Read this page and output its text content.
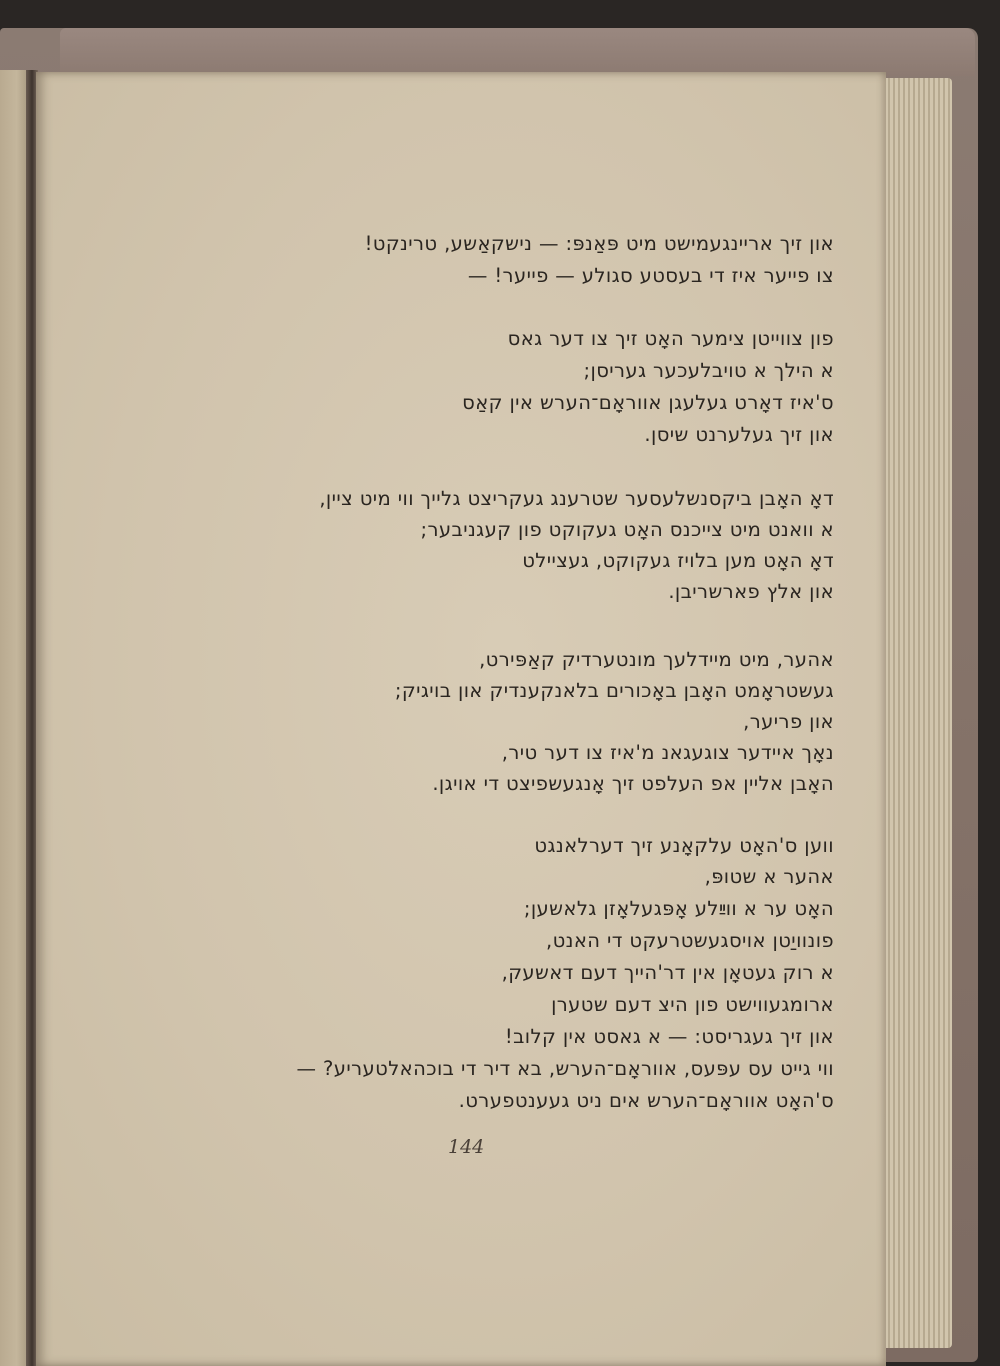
און זיך אריינגעמישט מיט פּאַנפּ: — נישקאַשע, טרינקט!
צו פייער איז די בעסטע סגולע — פייער! —
פון צווייטן צימער האָט זיך צו דער גאס
א הילך א טויבלעכער געריסן;
ס'איז דאָרט געלעגן אווראָם־הערש אין קאַס
און זיך געלערנט שיסן.
דאָ האָבן ביקסנשלעסער שטרענג געקריצט גלייך ווי מיט ציין,
א וואנט מיט צייכנס האָט געקוקט פון קעגניבער;
דאָ האָט מען בלויז געקוקט, געציילט
און אלץ פארשריבן.
אהער, מיט מיידלעך מונטערדיק קאַפּירט,
געשטראָמט האָבן באָכורים בלאנקענדיק און בויגיק;
און פריער,
נאָך איידער צוגעגאנ מ'איז צו דער טיר,
האָבן אליין אפ העלפט זיך אָנגעשפיצט די אויגן.
ווען ס'האָט עלקאָנע זיך דערלאנגט
אהער א שטופּ,
האָט ער א ווײַלע אָפּגעלאָזן גלאשען;
פונוויַטן אויסגעשטרעקט די האנט,
א רוק געטאָן אין דר'הייך דעם דאשעק,
ארומגעווישט פון היצ דעם שטערן
און זיך געגריסט: — א גאסט אין קלוב!
ווי גייט עס עפּעס, אווראָם־הערש, בא דיר די בוכהאלטעריע? —
ס'האָט אווראָם־הערש אים ניט געענטפערט.
144
